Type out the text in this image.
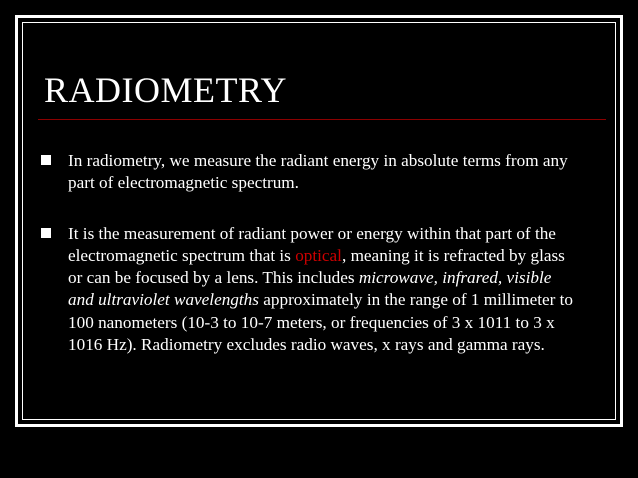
RADIOMETRY
In radiometry, we measure the radiant energy in absolute terms from any part of electromagnetic spectrum.
It is the measurement of radiant power or energy within that part of the electromagnetic spectrum that is optical, meaning it is refracted by glass or can be focused by a lens. This includes microwave, infrared, visible and ultraviolet wavelengths approximately in the range of 1 millimeter to 100 nanometers (10-3 to 10-7 meters, or frequencies of 3 x 1011 to 3 x 1016 Hz). Radiometry excludes radio waves, x rays and gamma rays.
